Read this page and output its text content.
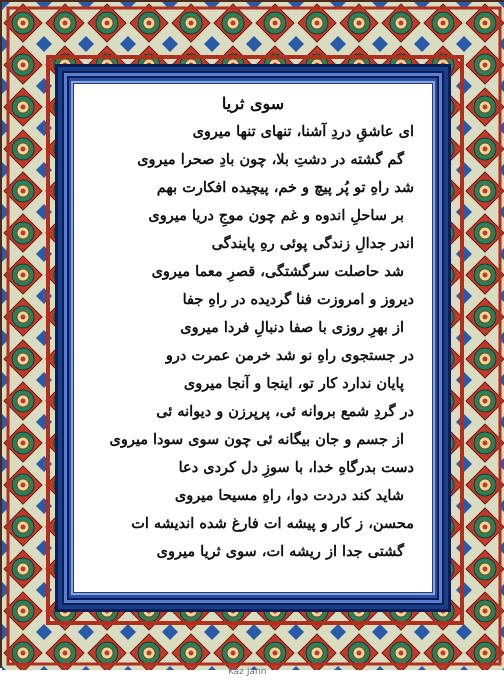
سوی ثریا
ای عاشقِ دردِ آشنا، تنهای تنها میروی
گم گشته در دشتِ بلا، چون بادِ صحرا میروی
شد راهِ تو پُر پیچ و خم، پیچیده افکارت بهم
بر ساحلِ اندوه و غم چون موجِ دریا میروی
اندر جدالِ زندگی پوئی رهِ پایندگی
شد حاصلت سرگشتگی، قصرِ معما میروی
دیروز و امروزت فنا گردیده در راهِ جفا
از بهرِ روزی با صفا دنبالِ فردا میروی
در جستجوی راهِ نو شد خرمن عمرت درو
پایان ندارد کار تو، اینجا و آنجا میروی
در گردِ شمع بروانه ئی، پرپرزن و دیوانه ئی
از جسم و جان بیگانه ئی چون سوی سودا میروی
دست بدرگاهِ خدا، با سوزِ دل کردی دعا
شاید کند دردت دوا، راهِ مسیحا میروی
محسن، ز کار و پیشه ات فارغ شده اندیشه ات
گشتی جدا از ریشه ات، سوی ثریا میروی
Kaz Jann
